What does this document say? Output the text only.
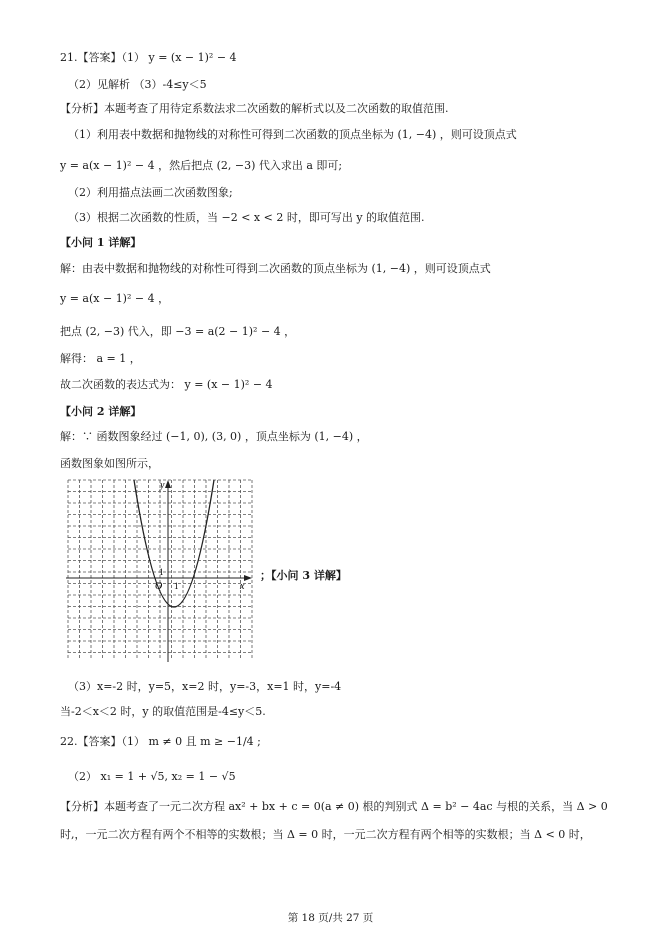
21.【答案】（1） y = (x − 1)² − 4
（2）见解析 （3）-4≤y＜5
【分析】本题考查了用待定系数法求二次函数的解析式以及二次函数的取值范围.
（1）利用表中数据和抛物线的对称性可得到二次函数的顶点坐标为 (1, −4) ，则可设顶点式
y = a(x − 1)² − 4 ，然后把点 (2, −3) 代入求出 a 即可;
（2）利用描点法画二次函数图象;
（3）根据二次函数的性质，当 −2 < x < 2 时，即可写出 y 的取值范围.
【小问 1 详解】
解：由表中数据和抛物线的对称性可得到二次函数的顶点坐标为 (1, −4) ，则可设顶点式
y = a(x − 1)² − 4 ，
把点 (2, −3) 代入，即 −3 = a(2 − 1)² − 4 ，
解得： a = 1 ，
故二次函数的表达式为： y = (x − 1)² − 4
【小问 2 详解】
解：∵ 函数图象经过 (−1, 0), (3, 0) ，顶点坐标为 (1, −4) ，
函数图象如图所示，
y
x
O 1
1	；【小问 3 详解】
（3）x=-2 时，y=5，x=2 时，y=-3，x=1 时，y=-4
当-2＜x＜2 时，y 的取值范围是-4≤y＜5.
22.【答案】（1） m ≠ 0 且 m ≥ −1/4 ;
（2） x₁ = 1 + √5, x₂ = 1 − √5
【分析】本题考查了一元二次方程 ax² + bx + c = 0(a ≠ 0) 根的判别式 Δ = b² − 4ac 与根的关系，当 Δ > 0
时,，一元二次方程有两个不相等的实数根；当 Δ = 0 时，一元二次方程有两个相等的实数根；当 Δ < 0 时，
第 18 页/共 27 页
